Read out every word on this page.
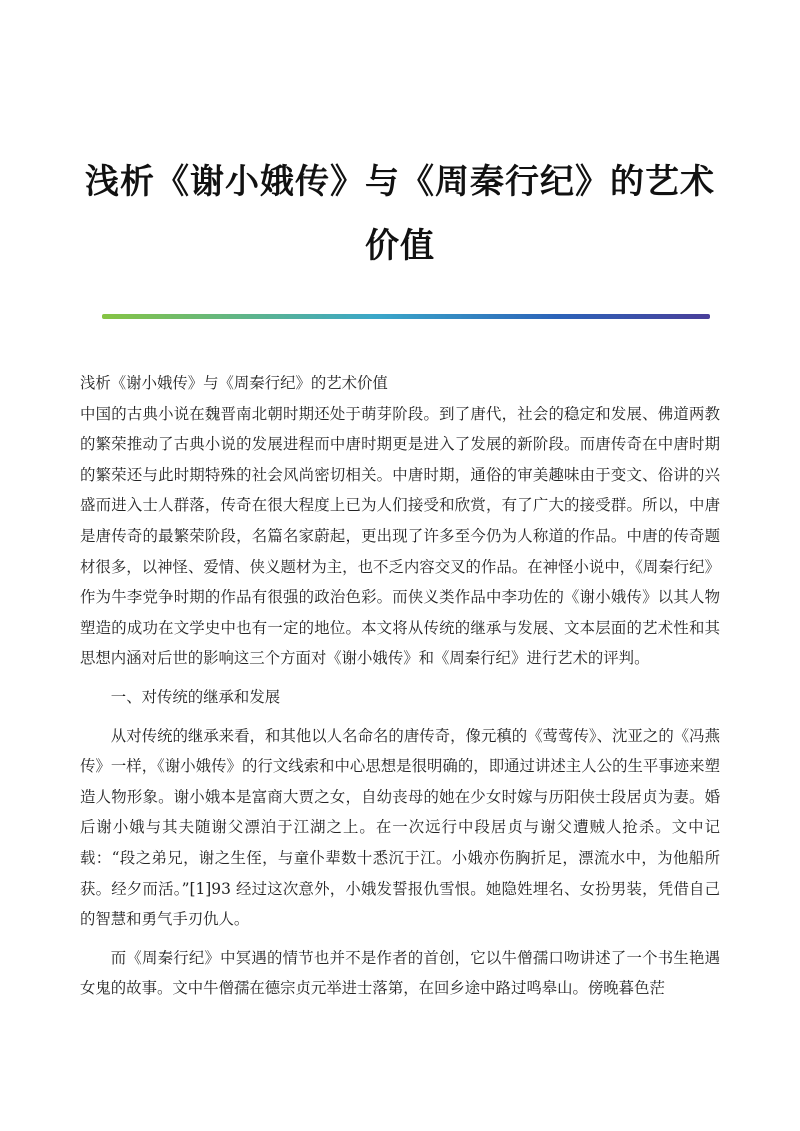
浅析《谢小娥传》与《周秦行纪》的艺术价值

浅析《谢小娥传》与《周秦行纪》的艺术价值

中国的古典小说在魏晋南北朝时期还处于萌芽阶段。到了唐代，社会的稳定和发展、佛道两教的繁荣推动了古典小说的发展进程而中唐时期更是进入了发展的新阶段。而唐传奇在中唐时期的繁荣还与此时期特殊的社会风尚密切相关。中唐时期，通俗的审美趣味由于变文、俗讲的兴盛而进入士人群落，传奇在很大程度上已为人们接受和欣赏，有了广大的接受群。所以，中唐是唐传奇的最繁荣阶段，名篇名家蔚起，更出现了许多至今仍为人称道的作品。中唐的传奇题材很多，以神怪、爱情、侠义题材为主，也不乏内容交叉的作品。在神怪小说中，《周秦行纪》作为牛李党争时期的作品有很强的政治色彩。而侠义类作品中李功佐的《谢小娥传》以其人物塑造的成功在文学史中也有一定的地位。本文将从传统的继承与发展、文本层面的艺术性和其思想内涵对后世的影响这三个方面对《谢小娥传》和《周秦行纪》进行艺术的评判。

一、对传统的继承和发展

从对传统的继承来看，和其他以人名命名的唐传奇，像元稹的《莺莺传》、沈亚之的《冯燕传》一样，《谢小娥传》的行文线索和中心思想是很明确的，即通过讲述主人公的生平事迹来塑造人物形象。谢小娥本是富商大贾之女，自幼丧母的她在少女时嫁与历阳侠士段居贞为妻。婚后谢小娥与其夫随谢父漂泊于江湖之上。在一次远行中段居贞与谢父遭贼人抢杀。文中记载：“段之弟兄，谢之生侄，与童仆辈数十悉沉于江。小娥亦伤胸折足，漂流水中，为他船所获。经夕而活。”[1]93 经过这次意外，小娥发誓报仇雪恨。她隐姓埋名、女扮男装，凭借自己的智慧和勇气手刃仇人。

而《周秦行纪》中冥遇的情节也并不是作者的首创，它以牛僧孺口吻讲述了一个书生艳遇女鬼的故事。文中牛僧孺在德宗贞元举进士落第，在回乡途中路过鸣皋山。傍晚暮色茫
